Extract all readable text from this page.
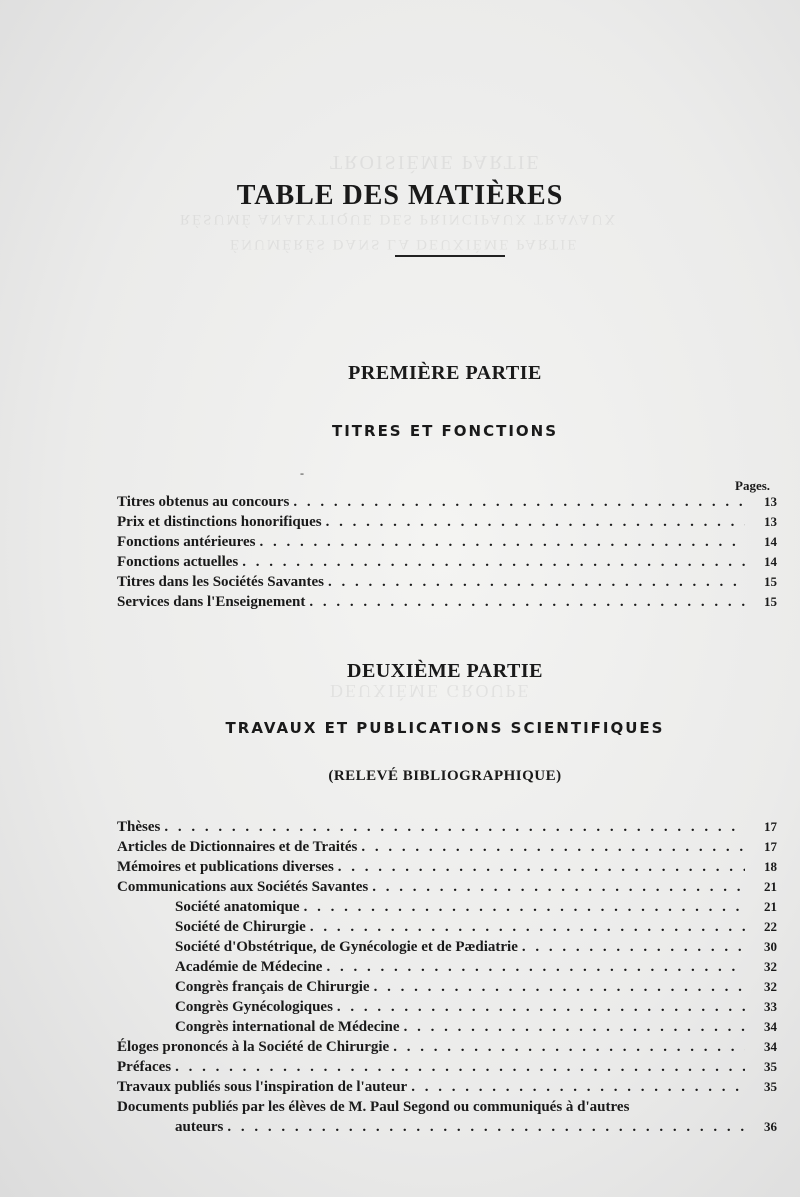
TROISIÈME PARTIE
RÉSUMÉ ANALYTIQUE DES PRINCIPAUX TRAVAUX
ÉNUMÉRÉS DANS LA DEUXIÈME PARTIE
DEUXIÈME GROUPE
TABLE DES MATIÈRES
PREMIÈRE PARTIE
TITRES ET FONCTIONS
-
Pages.
Titres obtenus au concours . . .	13
Prix et distinctions honorifiques . . .	13
Fonctions antérieures . . .	14
Fonctions actuelles . . .	14
Titres dans les Sociétés Savantes . . .	15
Services dans l'Enseignement . . .	15
DEUXIÈME PARTIE
TRAVAUX ET PUBLICATIONS SCIENTIFIQUES
(RELEVÉ BIBLIOGRAPHIQUE)
Thèses . . .	17
Articles de Dictionnaires et de Traités . . .	17
Mémoires et publications diverses . . .	18
Communications aux Sociétés Savantes . . .	21
Société anatomique . . .	21
Société de Chirurgie . . .	22
Société d'Obstétrique, de Gynécologie et de Pædiatrie . . .	30
Académie de Médecine . . .	32
Congrès français de Chirurgie . . .	32
Congrès Gynécologiques . . .	33
Congrès international de Médecine . . .	34
Éloges prononcés à la Société de Chirurgie . . .	34
Préfaces . . .	35
Travaux publiés sous l'inspiration de l'auteur . . .	35
Documents publiés par les élèves de M. Paul Segond ou communiqués à d'autres
auteurs . . .	36
